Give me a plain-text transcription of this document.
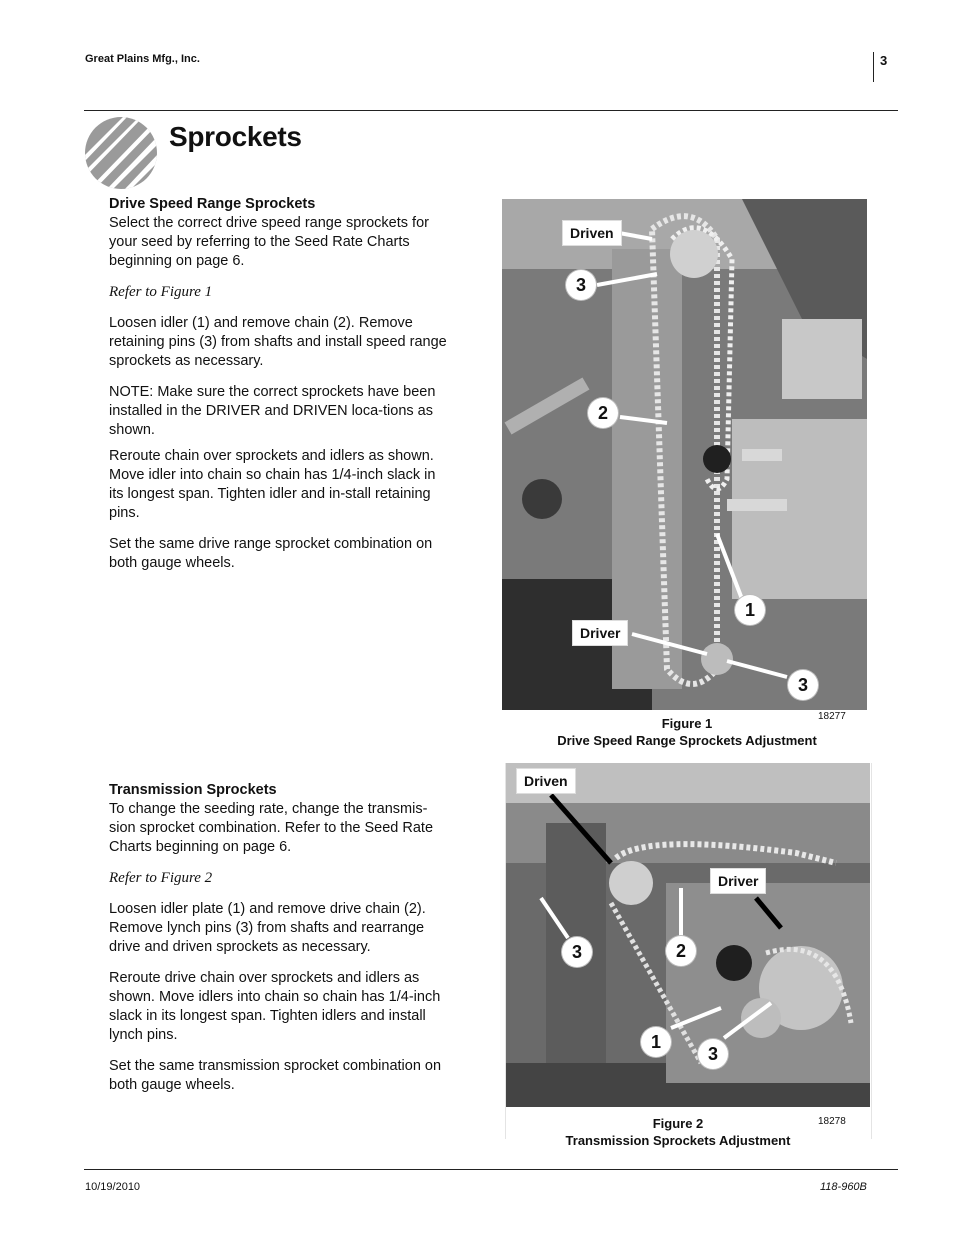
Great Plains Mfg., Inc.	3
Sprockets

Drive Speed Range Sprockets

Select the correct drive speed range sprockets for your seed by referring to the Seed Rate Charts beginning on page 6.

Refer to Figure 1

Loosen idler (1) and remove chain (2). Remove retaining pins (3) from shafts and install speed range sprockets as necessary.

NOTE: Make sure the correct sprockets have been installed in the DRIVER and DRIVEN loca-tions as shown.

Reroute chain over sprockets and idlers as shown. Move idler into chain so chain has 1/4-inch slack in its longest span. Tighten idler and in-stall retaining pins.

Set the same drive range sprocket combination on both gauge wheels.

Transmission Sprockets

To change the seeding rate, change the transmis-sion sprocket combination. Refer to the Seed Rate Charts beginning on page 6.

Refer to Figure 2

Loosen idler plate (1) and remove drive chain (2). Remove lynch pins (3) from shafts and rearrange drive and driven sprockets as necessary.

Reroute drive chain over sprockets and idlers as shown. Move idlers into chain so chain has 1/4-inch slack in its longest span. Tighten idlers and install lynch pins.

Set the same transmission sprocket combination on both gauge wheels.

Driven
3
2
1
Driver
3
18277
Figure 1
Drive Speed Range Sprockets Adjustment
Driven
Driver
3	2
1
3
18278
Figure 2
Transmission Sprockets Adjustment
10/19/2010	118-960B
